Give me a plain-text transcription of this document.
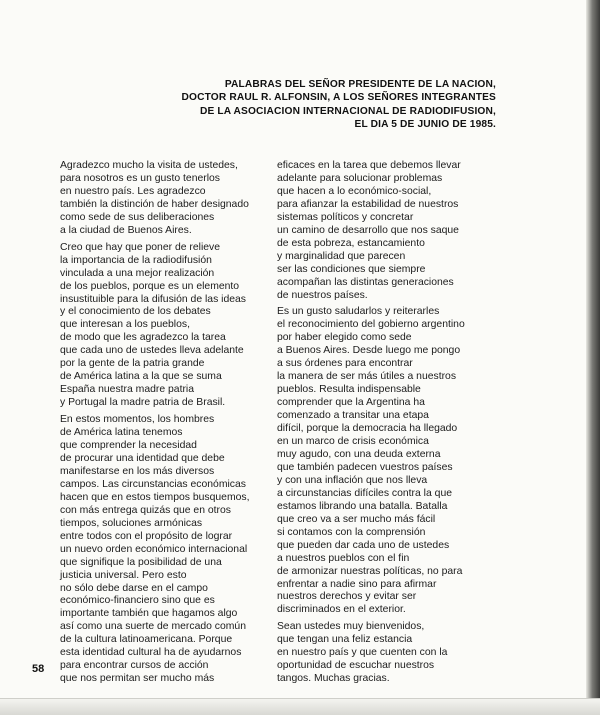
PALABRAS DEL SEÑOR PRESIDENTE DE LA NACION,
DOCTOR RAUL R. ALFONSIN, A LOS SEÑORES INTEGRANTES
DE LA ASOCIACION INTERNACIONAL DE RADIODIFUSION,
EL DIA 5 DE JUNIO DE 1985.
Agradezco mucho la visita de ustedes,
para nosotros es un gusto tenerlos
en nuestro país. Les agradezco
también la distinción de haber designado
como sede de sus deliberaciones
a la ciudad de Buenos Aires.
Creo que hay que poner de relieve
la importancia de la radiodifusión
vinculada a una mejor realización
de los pueblos, porque es un elemento
insustituible para la difusión de las ideas
y el conocimiento de los debates
que interesan a los pueblos,
de modo que les agradezco la tarea
que cada uno de ustedes lleva adelante
por la gente de la patria grande
de América latina a la que se suma
España nuestra madre patria
y Portugal la madre patria de Brasil.
En estos momentos, los hombres
de América latina tenemos
que comprender la necesidad
de procurar una identidad que debe
manifestarse en los más diversos
campos. Las circunstancias económicas
hacen que en estos tiempos busquemos,
con más entrega quizás que en otros
tiempos, soluciones armónicas
entre todos con el propósito de lograr
un nuevo orden económico internacional
que signifique la posibilidad de una
justicia universal. Pero esto
no sólo debe darse en el campo
económico-financiero sino que es
importante también que hagamos algo
así como una suerte de mercado común
de la cultura latinoamericana. Porque
esta identidad cultural ha de ayudarnos
para encontrar cursos de acción
que nos permitan ser mucho más
eficaces en la tarea que debemos llevar
adelante para solucionar problemas
que hacen a lo económico-social,
para afianzar la estabilidad de nuestros
sistemas políticos y concretar
un camino de desarrollo que nos saque
de esta pobreza, estancamiento
y marginalidad que parecen
ser las condiciones que siempre
acompañan las distintas generaciones
de nuestros países.
Es un gusto saludarlos y reiterarles
el reconocimiento del gobierno argentino
por haber elegido como sede
a Buenos Aires. Desde luego me pongo
a sus órdenes para encontrar
la manera de ser más útiles a nuestros
pueblos. Resulta indispensable
comprender que la Argentina ha
comenzado a transitar una etapa
difícil, porque la democracia ha llegado
en un marco de crisis económica
muy agudo, con una deuda externa
que también padecen vuestros países
y con una inflación que nos lleva
a circunstancias difíciles contra la que
estamos librando una batalla. Batalla
que creo va a ser mucho más fácil
si contamos con la comprensión
que pueden dar cada uno de ustedes
a nuestros pueblos con el fin
de armonizar nuestras políticas, no para
enfrentar a nadie sino para afirmar
nuestros derechos y evitar ser
discriminados en el exterior.
Sean ustedes muy bienvenidos,
que tengan una feliz estancia
en nuestro país y que cuenten con la
oportunidad de escuchar nuestros
tangos. Muchas gracias.
58
